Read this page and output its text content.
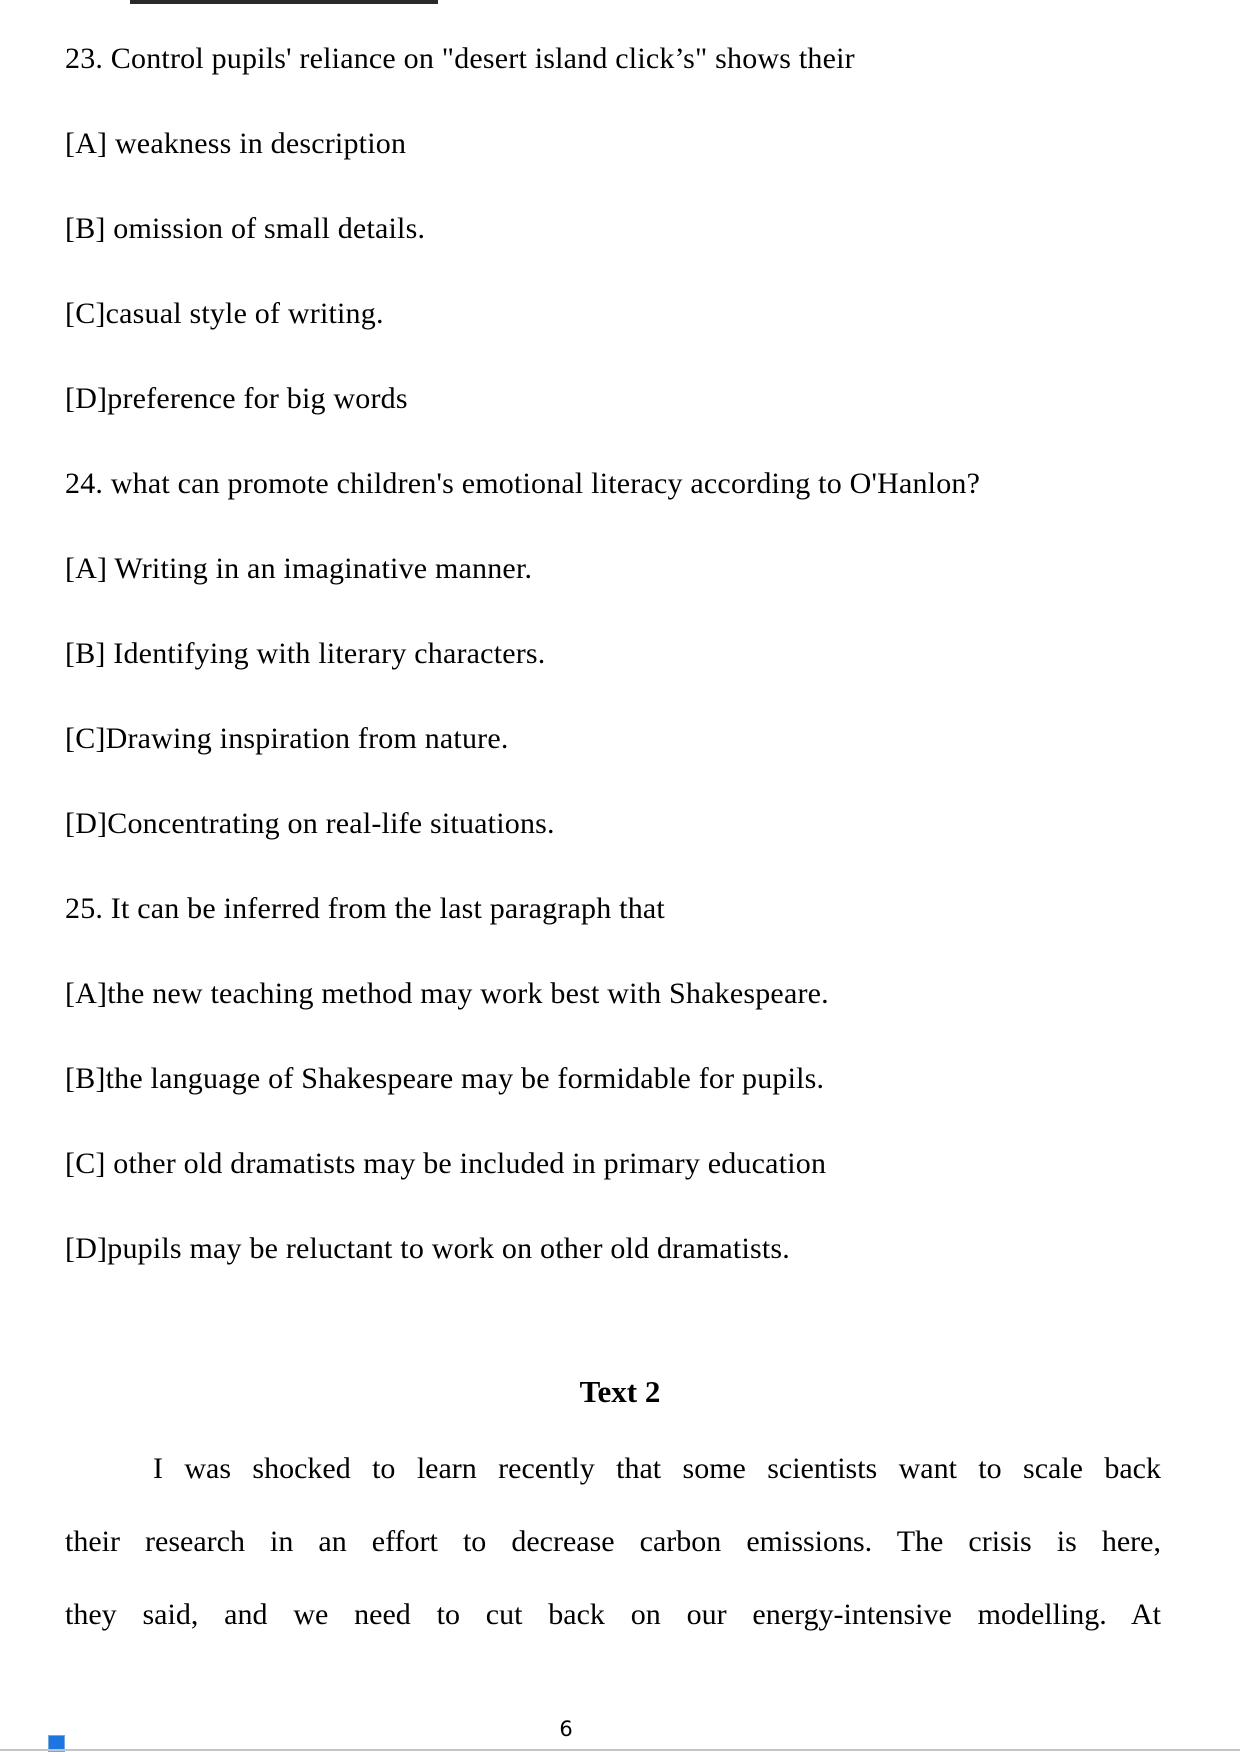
23. Control pupils' reliance on "desert island click’s" shows their
[A] weakness in description
[B] omission of small details.
[C]casual style of writing.
[D]preference for big words
24. what can promote children's emotional literacy according to O'Hanlon?
[A] Writing in an imaginative manner.
[B] Identifying with literary characters.
[C]Drawing inspiration from nature.
[D]Concentrating on real-life situations.
25. It can be inferred from the last paragraph that
[A]the new teaching method may work best with Shakespeare.
[B]the language of Shakespeare may be formidable for pupils.
[C] other old dramatists may be included in primary education
[D]pupils may be reluctant to work on other old dramatists.
Text 2
I was shocked to learn recently that some scientists want to scale back
their research in an effort to decrease carbon emissions. The crisis is here,
they said, and we need to cut back on our energy-intensive modelling. At
6
